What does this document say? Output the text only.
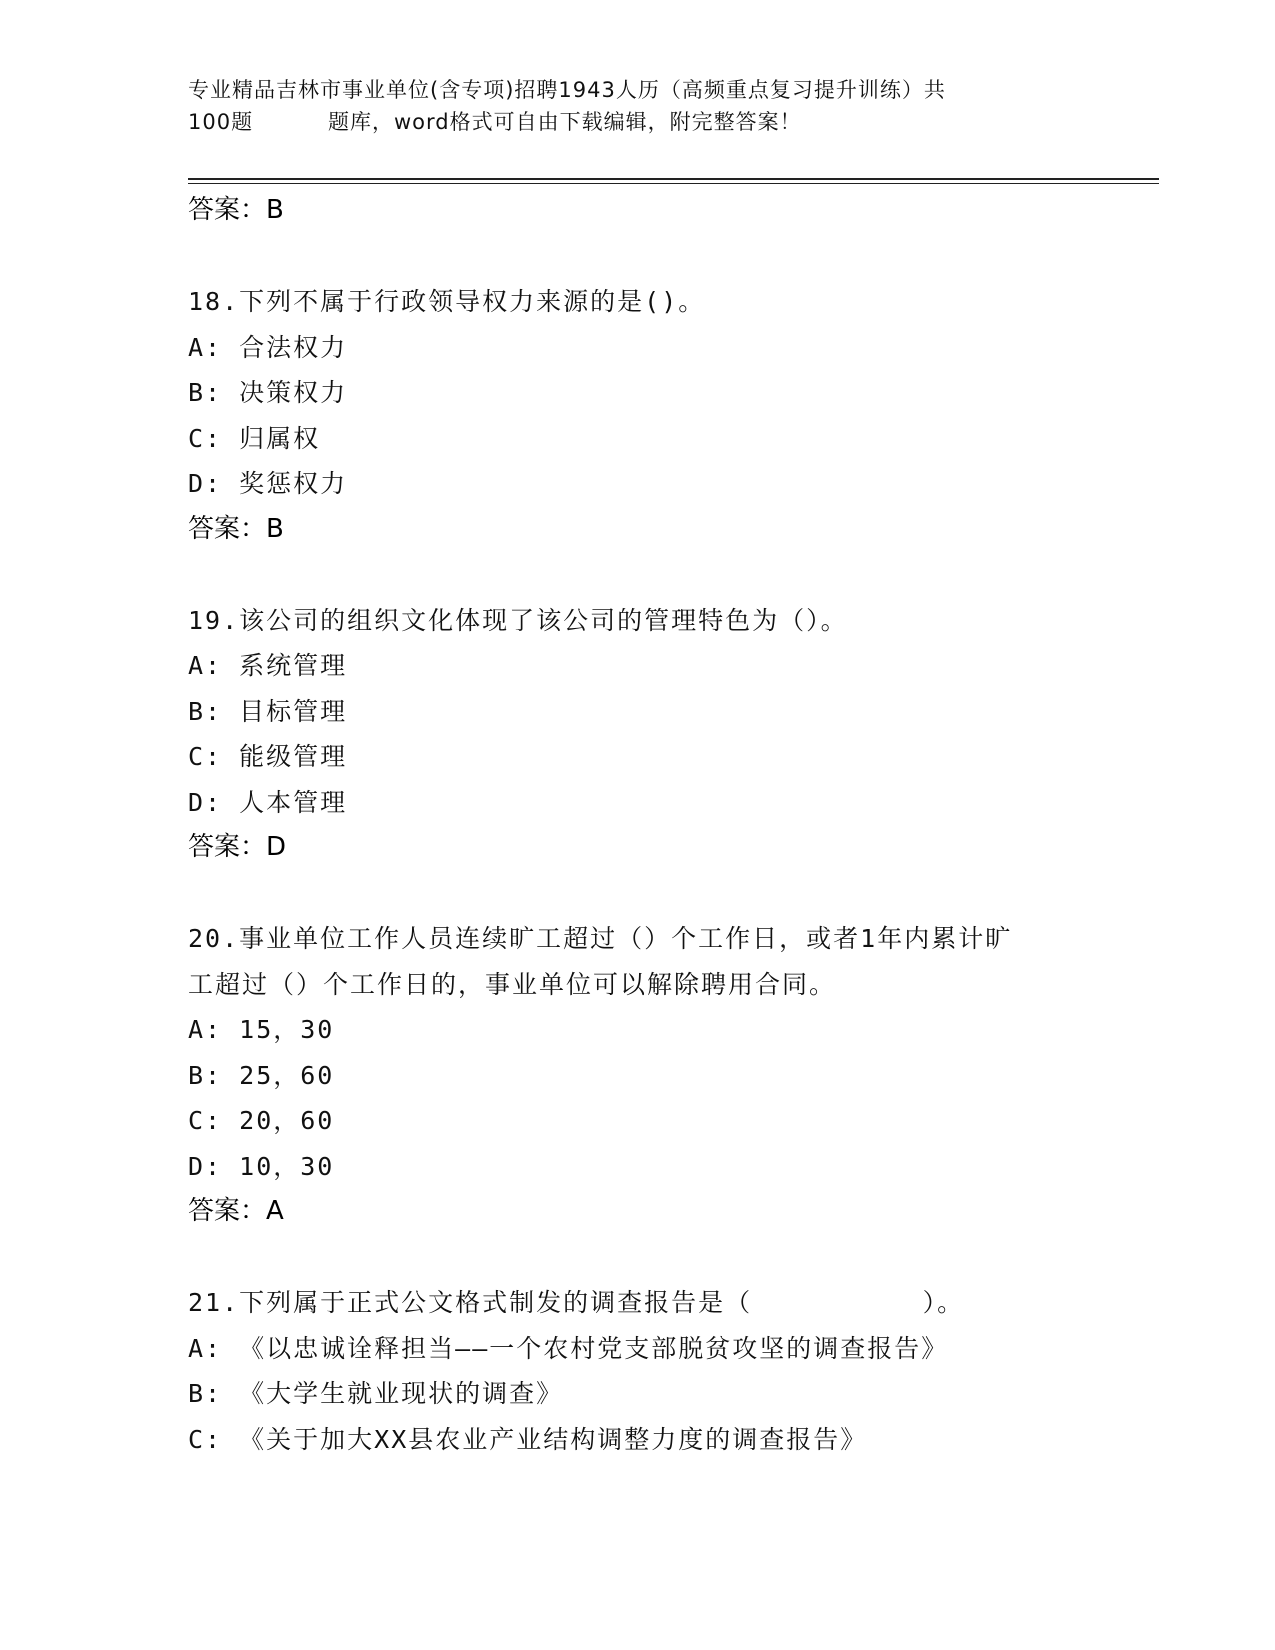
专业精品吉林市事业单位(含专项)招聘1943人历（高频重点复习提升训练）共
100题	题库，word格式可自由下载编辑，附完整答案！
答案：B
18.下列不属于行政领导权力来源的是()。
A: 合法权力
B: 决策权力
C: 归属权
D: 奖惩权力
答案：B
19.该公司的组织文化体现了该公司的管理特色为（）。
A: 系统管理
B: 目标管理
C: 能级管理
D: 人本管理
答案：D
20.事业单位工作人员连续旷工超过（）个工作日，或者1年内累计旷
工超过（）个工作日的，事业单位可以解除聘用合同。
A: 15，30
B: 25，60
C: 20，60
D: 10，30
答案：A
21.下列属于正式公文格式制发的调查报告是（          ）。
A: 《以忠诚诠释担当——一个农村党支部脱贫攻坚的调查报告》
B: 《大学生就业现状的调查》
C: 《关于加大XX县农业产业结构调整力度的调查报告》
